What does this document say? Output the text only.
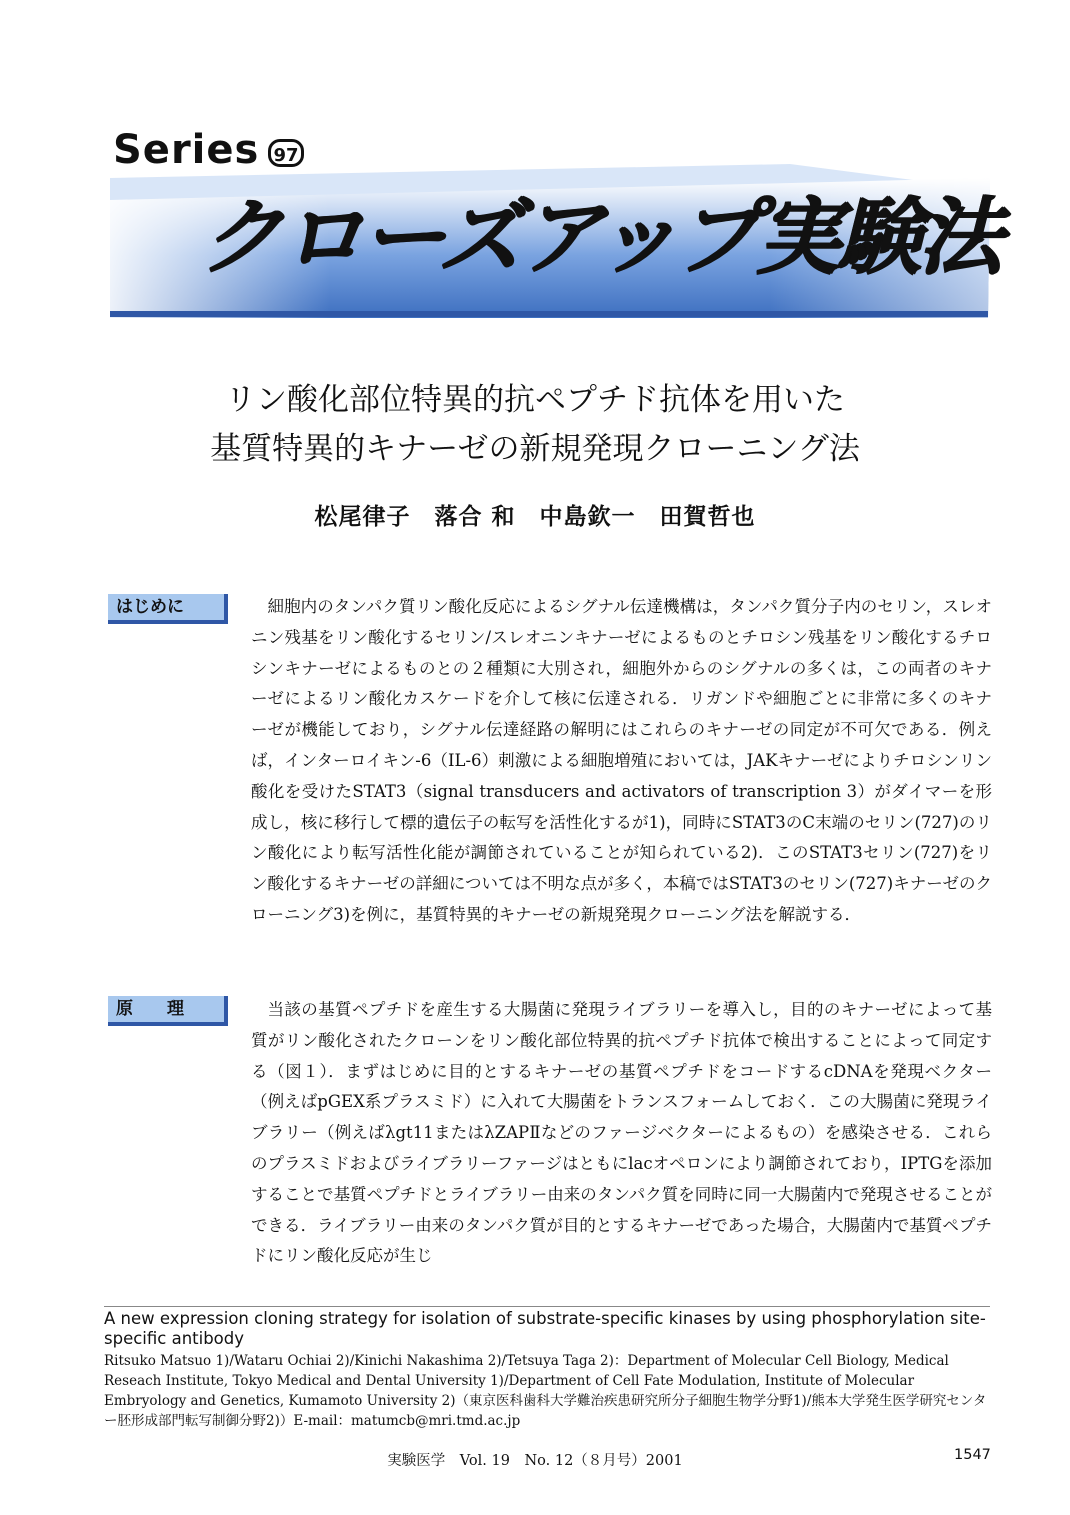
Series 97
クローズアップ実験法
リン酸化部位特異的抗ペプチド抗体を用いた
基質特異的キナーゼの新規発現クローニング法
松尾律子　落合 和　中島欽一　田賀哲也
はじめに	細胞内のタンパク質リン酸化反応によるシグナル伝達機構は，タンパク質分子内のセリン，スレオニン残基をリン酸化するセリン/スレオニンキナーゼによるものとチロシン残基をリン酸化するチロシンキナーゼによるものとの２種類に大別され，細胞外からのシグナルの多くは，この両者のキナーゼによるリン酸化カスケードを介して核に伝達される．リガンドや細胞ごとに非常に多くのキナーゼが機能しており，シグナル伝達経路の解明にはこれらのキナーゼの同定が不可欠である．例えば，インターロイキン-6（IL-6）刺激による細胞増殖においては，JAKキナーゼによりチロシンリン酸化を受けたSTAT3（signal transducers and activators of transcription 3）がダイマーを形成し，核に移行して標的遺伝子の転写を活性化するが1)，同時にSTAT3のC末端のセリン(727)のリン酸化により転写活性化能が調節されていることが知られている2)．このSTAT3セリン(727)をリン酸化するキナーゼの詳細については不明な点が多く，本稿ではSTAT3のセリン(727)キナーゼのクローニング3)を例に，基質特異的キナーゼの新規発現クローニング法を解説する．

原　　理	当該の基質ペプチドを産生する大腸菌に発現ライブラリーを導入し，目的のキナーゼによって基質がリン酸化されたクローンをリン酸化部位特異的抗ペプチド抗体で検出することによって同定する（図１）．まずはじめに目的とするキナーゼの基質ペプチドをコードするcDNAを発現ベクター（例えばpGEX系プラスミド）に入れて大腸菌をトランスフォームしておく．この大腸菌に発現ライブラリー（例えばλgt11またはλZAPⅡなどのファージベクターによるもの）を感染させる．これらのプラスミドおよびライブラリーファージはともにlacオペロンにより調節されており，IPTGを添加することで基質ペプチドとライブラリー由来のタンパク質を同時に同一大腸菌内で発現させることができる．ライブラリー由来のタンパク質が目的とするキナーゼであった場合，大腸菌内で基質ペプチドにリン酸化反応が生じ

A new expression cloning strategy for isolation of substrate-specific kinases by using phosphorylation site-specific antibody
Ritsuko Matsuo 1)/Wataru Ochiai 2)/Kinichi Nakashima 2)/Tetsuya Taga 2)：Department of Molecular Cell Biology, Medical Reseach Institute, Tokyo Medical and Dental University 1)/Department of Cell Fate Modulation, Institute of Molecular Embryology and Genetics, Kumamoto University 2)（東京医科歯科大学難治疾患研究所分子細胞生物学分野1)/熊本大学発生医学研究センター胚形成部門転写制御分野2)）E-mail：matumcb@mri.tmd.ac.jp
実験医学　Vol. 19　No. 12（８月号）2001	1547
